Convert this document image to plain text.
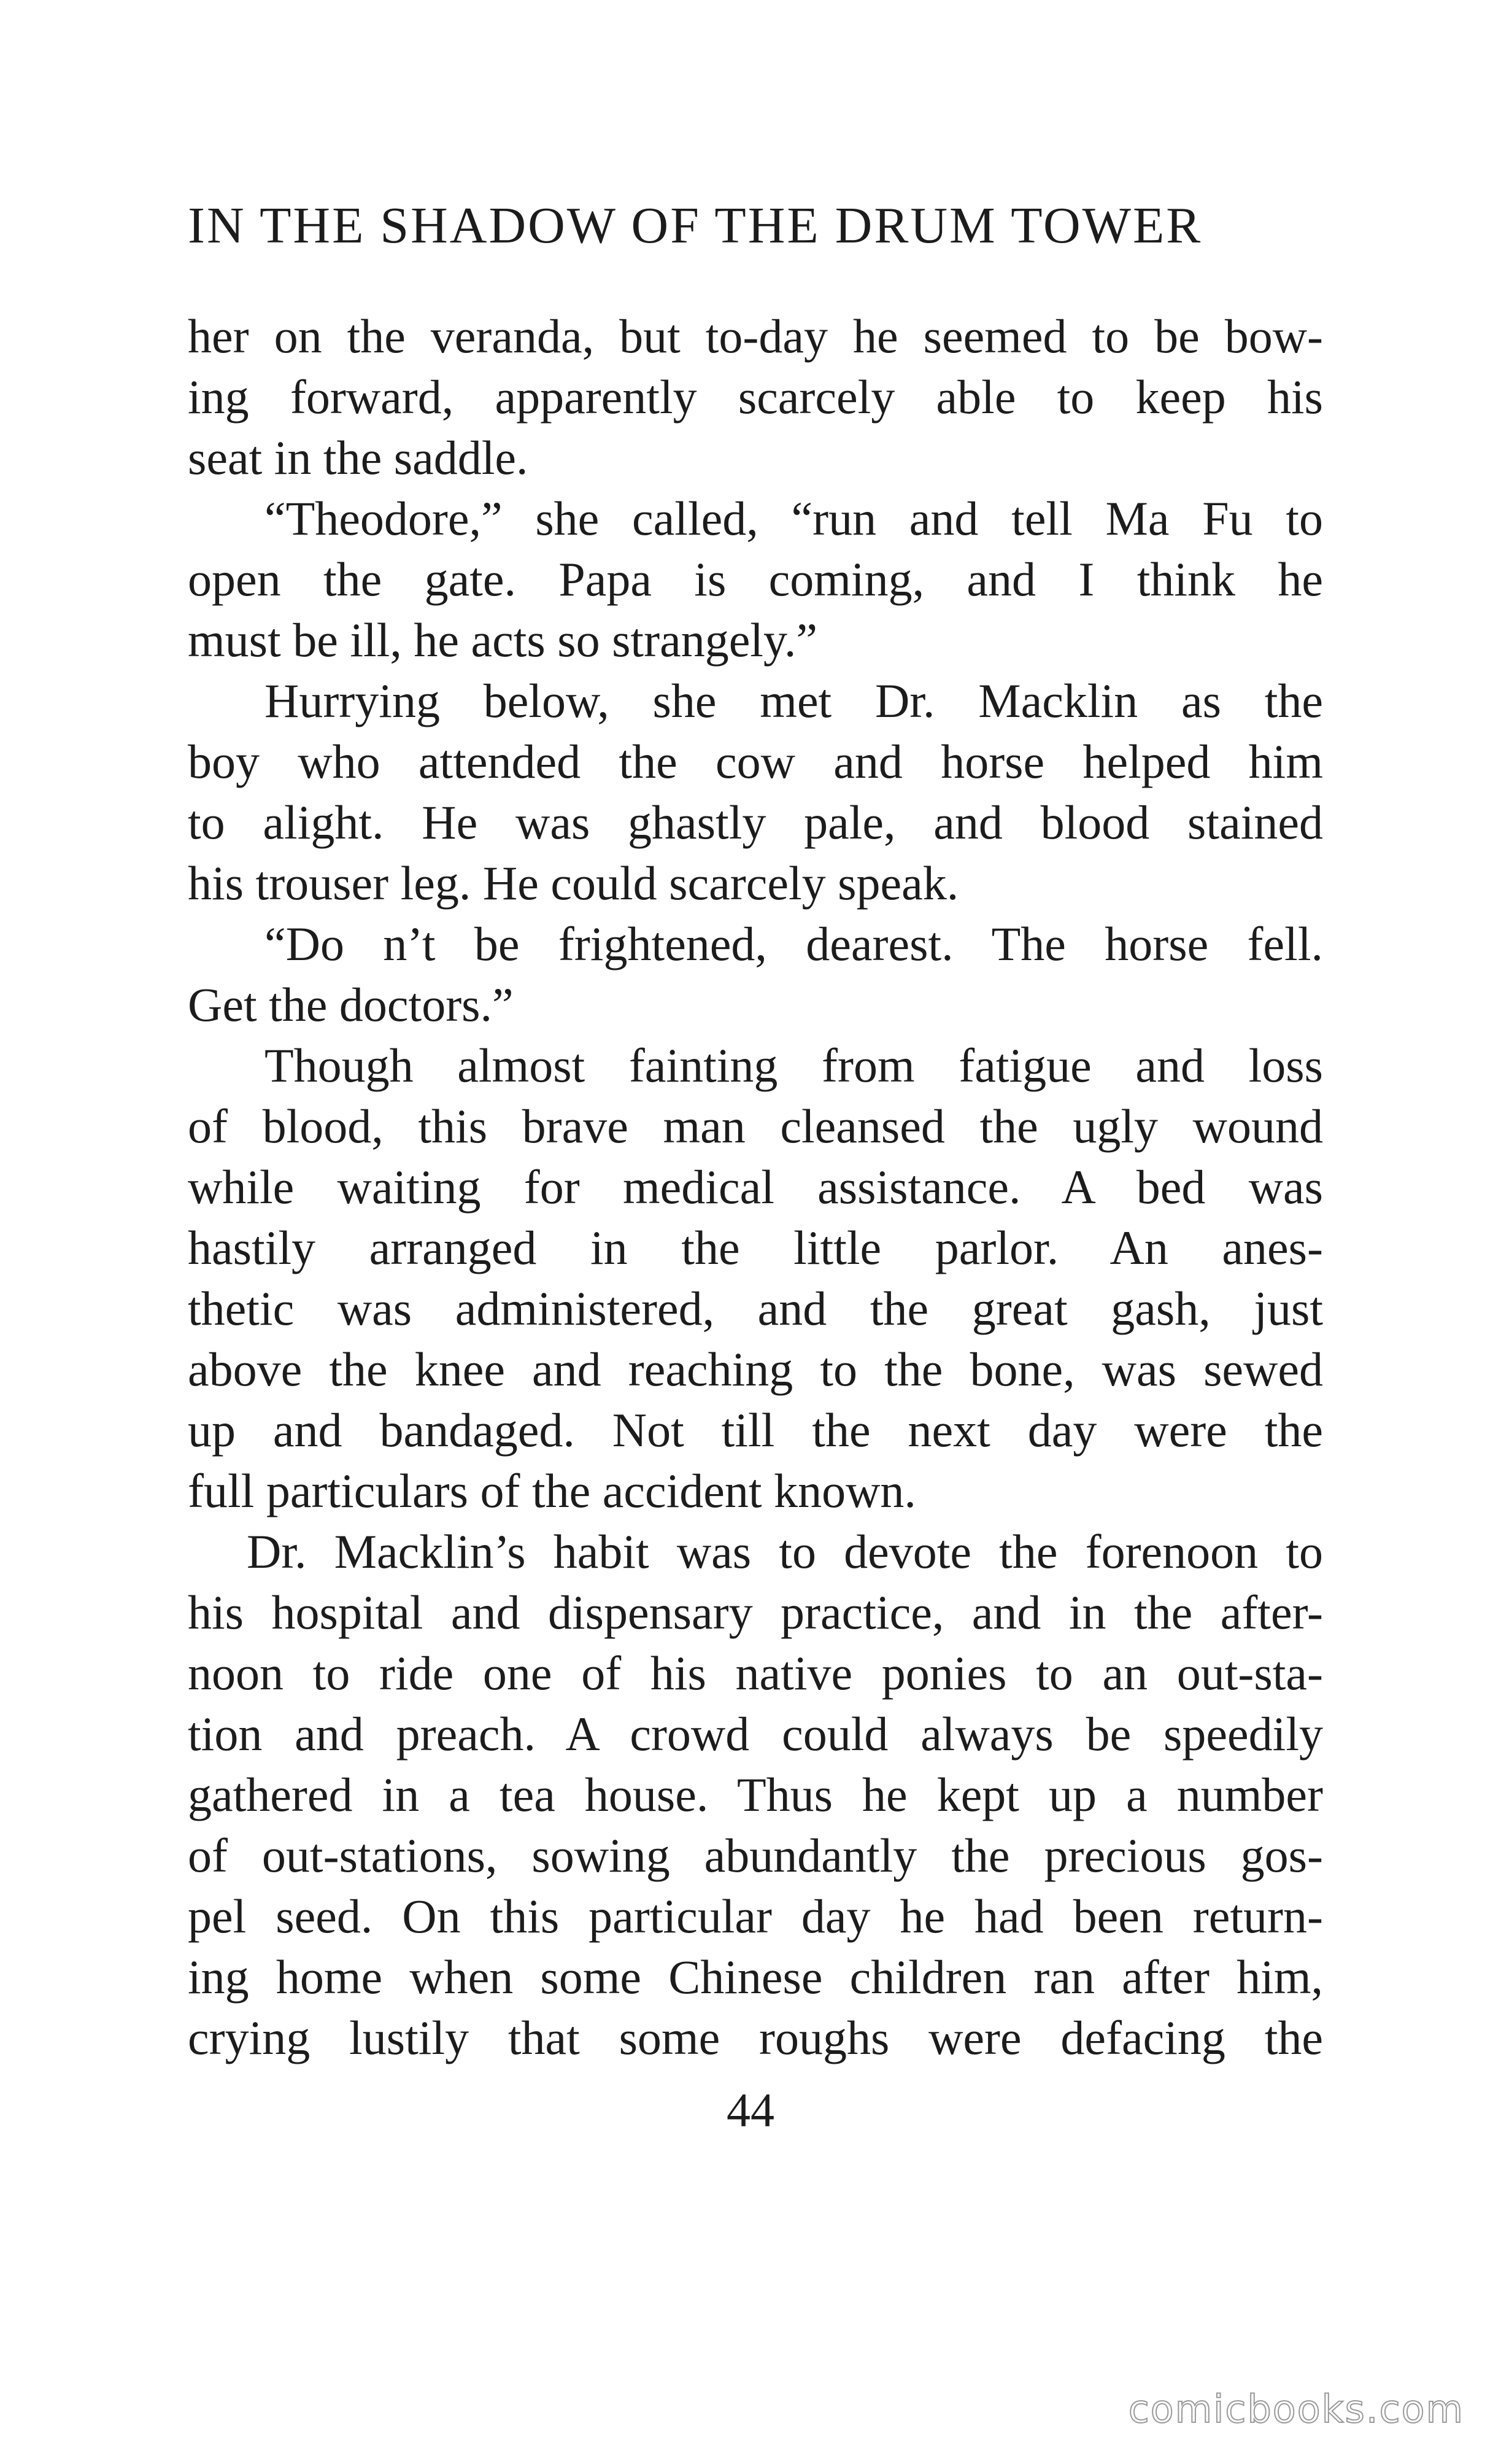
IN THE SHADOW OF THE DRUM TOWER
her on the veranda, but to-day he seemed to be bow-
ing forward, apparently scarcely able to keep his
seat in the saddle.
“Theodore,” she called, “run and tell Ma Fu to
open the gate. Papa is coming, and I think he
must be ill, he acts so strangely.”
Hurrying below, she met Dr. Macklin as the
boy who attended the cow and horse helped him
to alight. He was ghastly pale, and blood stained
his trouser leg. He could scarcely speak.
“Do n’t be frightened, dearest. The horse fell.
Get the doctors.”
Though almost fainting from fatigue and loss
of blood, this brave man cleansed the ugly wound
while waiting for medical assistance. A bed was
hastily arranged in the little parlor. An anes-
thetic was administered, and the great gash, just
above the knee and reaching to the bone, was sewed
up and bandaged. Not till the next day were the
full particulars of the accident known.
Dr. Macklin’s habit was to devote the forenoon to
his hospital and dispensary practice, and in the after-
noon to ride one of his native ponies to an out-sta-
tion and preach. A crowd could always be speedily
gathered in a tea house. Thus he kept up a number
of out-stations, sowing abundantly the precious gos-
pel seed. On this particular day he had been return-
ing home when some Chinese children ran after him,
crying lustily that some roughs were defacing the
44
comicbooks.com
